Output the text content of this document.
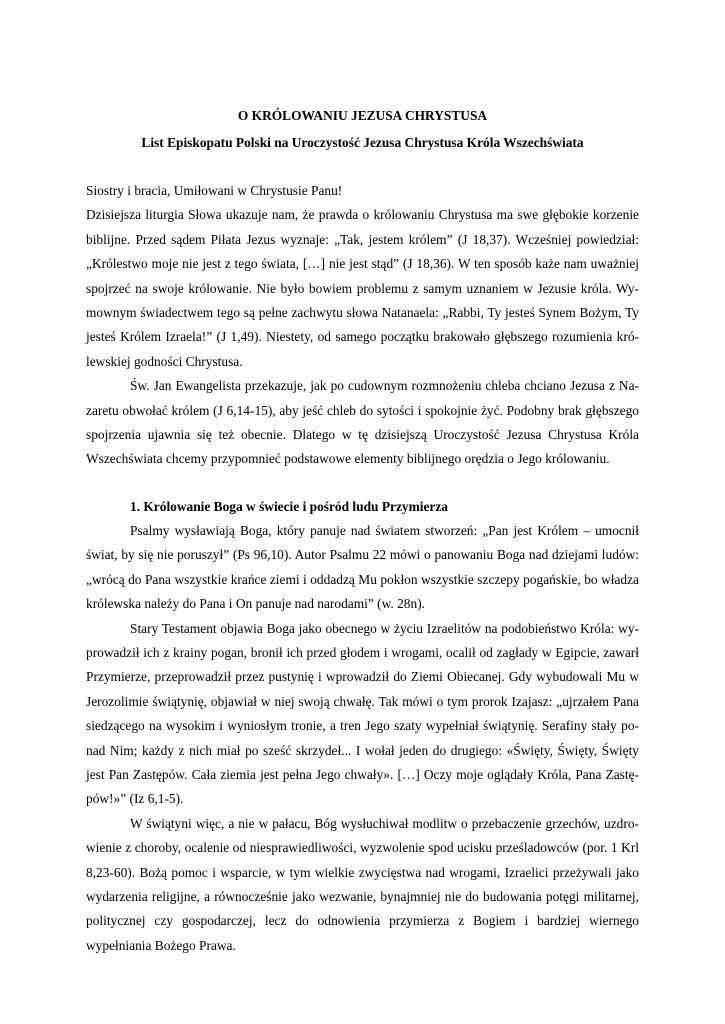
O KRÓLOWANIU JEZUSA CHRYSTUSA
List Episkopatu Polski na Uroczystość Jezusa Chrystusa Króla Wszechświata

Siostry i bracia, Umiłowani w Chrystusie Panu!

Dzisiejsza liturgia Słowa ukazuje nam, że prawda o królowaniu Chrystusa ma swe głębokie korzenie biblijne. Przed sądem Piłata Jezus wyznaje: „Tak, jestem królem” (J 18,37). Wcześniej powiedział: „Królestwo moje nie jest z tego świata, […] nie jest stąd” (J 18,36). W ten sposób każe nam uważniej spojrzeć na swoje królowanie. Nie było bowiem problemu z samym uznaniem w Jezusie króla. Wymownym świadectwem tego są pełne zachwytu słowa Natanaela: „Rabbi, Ty jesteś Synem Bożym, Ty jesteś Królem Izraela!” (J 1,49). Niestety, od samego początku brakowało głębszego rozumienia królewskiej godności Chrystusa.

Św. Jan Ewangelista przekazuje, jak po cudownym rozmnożeniu chleba chciano Jezusa z Nazaretu obwołać królem (J 6,14-15), aby jeść chleb do sytości i spokojnie żyć. Podobny brak głębszego spojrzenia ujawnia się też obecnie. Dlatego w tę dzisiejszą Uroczystość Jezusa Chrystusa Króla Wszechświata chcemy przypomnieć podstawowe elementy biblijnego orędzia o Jego królowaniu.

1. Królowanie Boga w świecie i pośród ludu Przymierza

Psalmy wysławiają Boga, który panuje nad światem stworzeń: „Pan jest Królem – umocnił świat, by się nie poruszył” (Ps 96,10). Autor Psalmu 22 mówi o panowaniu Boga nad dziejami ludów: „wrócą do Pana wszystkie krańce ziemi i oddadzą Mu pokłon wszystkie szczepy pogańskie, bo władza królewska należy do Pana i On panuje nad narodami” (w. 28n).

Stary Testament objawia Boga jako obecnego w życiu Izraelitów na podobieństwo Króla: wyprowadził ich z krainy pogan, bronił ich przed głodem i wrogami, ocalił od zagłady w Egipcie, zawarł Przymierze, przeprowadził przez pustynię i wprowadził do Ziemi Obiecanej. Gdy wybudowali Mu w Jerozolimie świątynię, objawiał w niej swoją chwałę. Tak mówi o tym prorok Izajasz: „ujrzałem Pana siedzącego na wysokim i wyniosłym tronie, a tren Jego szaty wypełniał świątynię. Serafiny stały ponad Nim; każdy z nich miał po sześć skrzydeł... I wołał jeden do drugiego: «Święty, Święty, Święty jest Pan Zastępów. Cała ziemia jest pełna Jego chwały». […] Oczy moje oglądały Króla, Pana Zastępów!»” (Iz 6,1-5).

W świątyni więc, a nie w pałacu, Bóg wysłuchiwał modlitw o przebaczenie grzechów, uzdrowienie z choroby, ocalenie od niesprawiedliwości, wyzwolenie spod ucisku prześladowców (por. 1 Krl 8,23-60). Bożą pomoc i wsparcie, w tym wielkie zwycięstwa nad wrogami, Izraelici przeżywali jako wydarzenia religijne, a równocześnie jako wezwanie, bynajmniej nie do budowania potęgi militarnej, politycznej czy gospodarczej, lecz do odnowienia przymierza z Bogiem i bardziej wiernego wypełniania Bożego Prawa.
